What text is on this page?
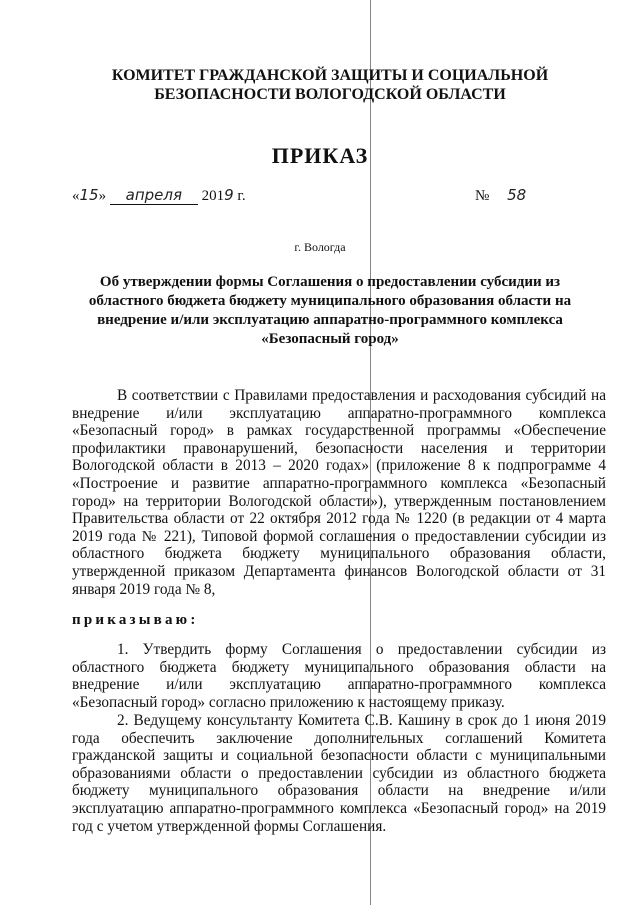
КОМИТЕТ ГРАЖДАНСКОЙ ЗАЩИТЫ И СОЦИАЛЬНОЙ
БЕЗОПАСНОСТИ ВОЛОГОДСКОЙ ОБЛАСТИ
ПРИКАЗ
«15» апреля 2019 г.	№ 58
г. Вологда
Об утверждении формы Соглашения о предоставлении субсидии из
областного бюджета бюджету муниципального образования области на
внедрение и/или эксплуатацию аппаратно-программного комплекса
«Безопасный город»
В соответствии с Правилами предоставления и расходования субсидий на
внедрение и/или эксплуатацию аппаратно-программного комплекса
«Безопасный город» в рамках государственной программы «Обеспечение
профилактики правонарушений, безопасности населения и территории
Вологодской области в 2013 – 2020 годах» (приложение 8 к подпрограмме 4
«Построение и развитие аппаратно-программного комплекса «Безопасный
город» на территории Вологодской области»), утвержденным постановлением
Правительства области от 22 октября 2012 года № 1220 (в редакции от 4 марта
2019 года № 221), Типовой формой соглашения о предоставлении субсидии из
областного бюджета бюджету муниципального образования области,
утвержденной приказом Департамента финансов Вологодской области от 31
января 2019 года № 8,
приказываю:
1. Утвердить форму Соглашения о предоставлении субсидии из
областного бюджета бюджету муниципального образования области на
внедрение и/или эксплуатацию аппаратно-программного комплекса
«Безопасный город» согласно приложению к настоящему приказу.
2. Ведущему консультанту Комитета С.В. Кашину в срок до 1 июня 2019
года обеспечить заключение дополнительных соглашений Комитета
гражданской защиты и социальной безопасности области с муниципальными
образованиями области о предоставлении субсидии из областного бюджета
бюджету муниципального образования области на внедрение и/или
эксплуатацию аппаратно-программного комплекса «Безопасный город» на 2019
год с учетом утвержденной формы Соглашения.
